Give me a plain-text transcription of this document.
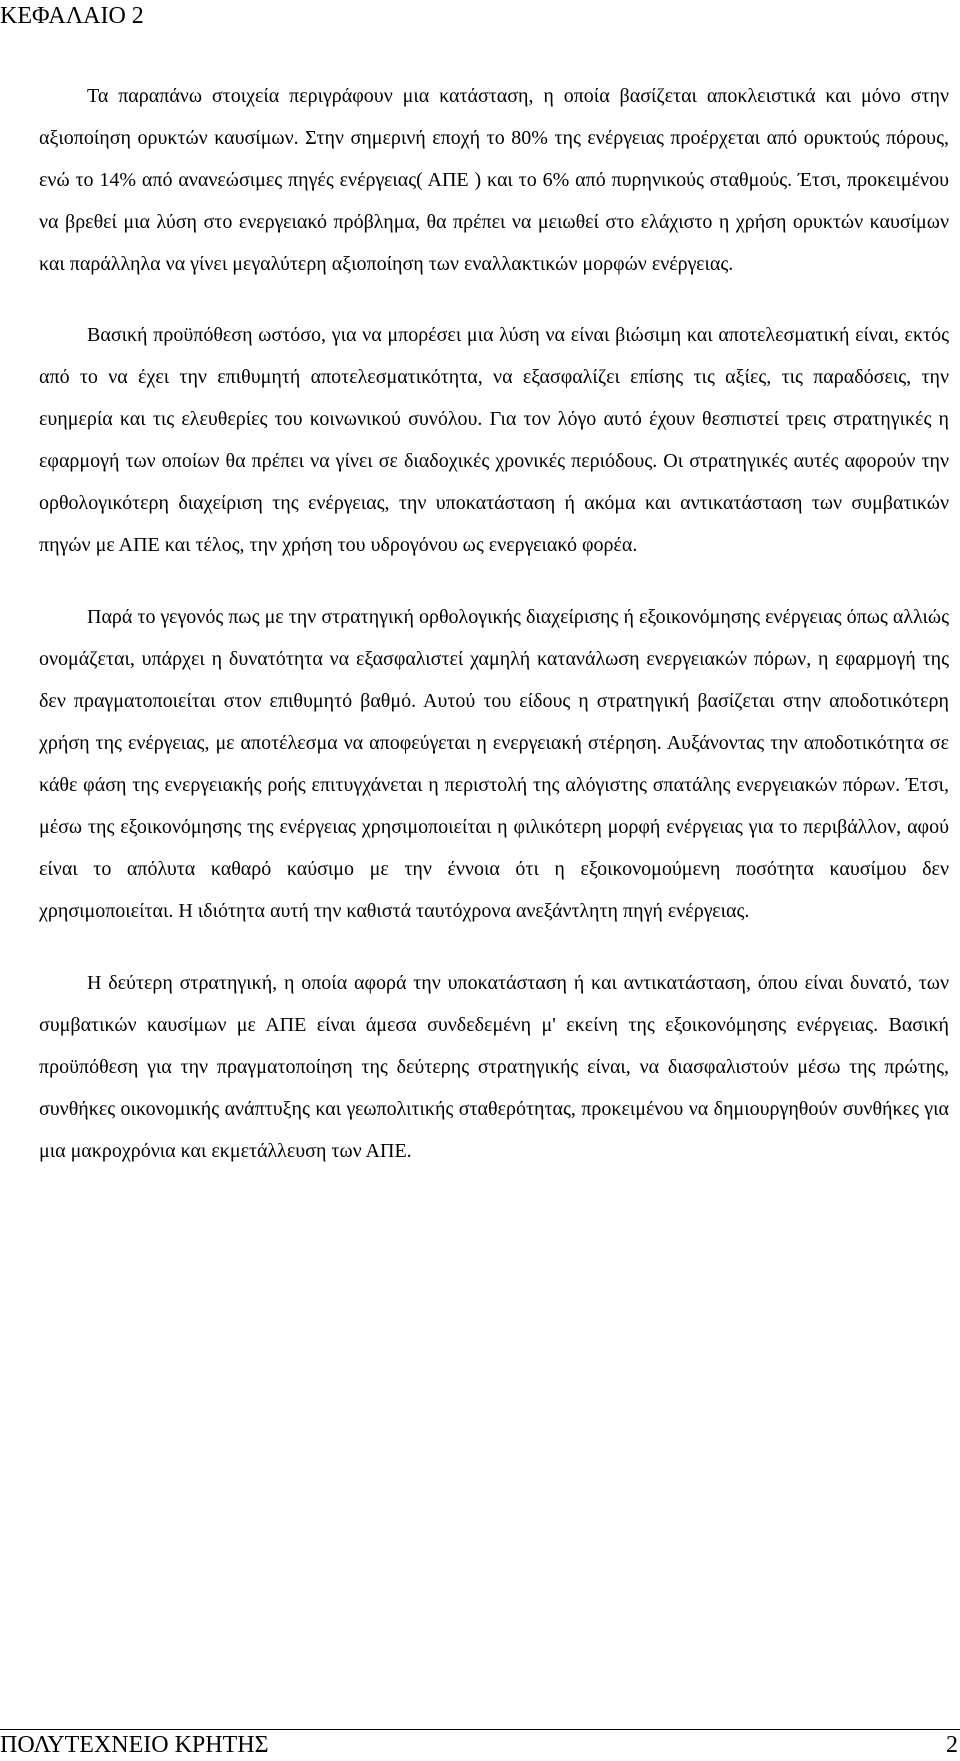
ΚΕΦΑΛΑΙΟ 2

Τα παραπάνω στοιχεία περιγράφουν μια κατάσταση, η οποία βασίζεται αποκλειστικά και μόνο στην αξιοποίηση ορυκτών καυσίμων. Στην σημερινή εποχή το 80% της ενέργειας προέρχεται από ορυκτούς πόρους, ενώ το 14% από ανανεώσιμες πηγές ενέργειας( ΑΠΕ ) και το 6% από πυρηνικούς σταθμούς. Έτσι, προκειμένου να βρεθεί μια λύση στο ενεργειακό πρόβλημα, θα πρέπει να μειωθεί στο ελάχιστο η χρήση ορυκτών καυσίμων και παράλληλα να γίνει μεγαλύτερη αξιοποίηση των εναλλακτικών μορφών ενέργειας.

Βασική προϋπόθεση ωστόσο, για να μπορέσει μια λύση να είναι βιώσιμη και αποτελεσματική είναι, εκτός από το να έχει την επιθυμητή αποτελεσματικότητα, να εξασφαλίζει επίσης τις αξίες, τις παραδόσεις, την ευημερία και τις ελευθερίες του κοινωνικού συνόλου. Για τον λόγο αυτό έχουν θεσπιστεί τρεις στρατηγικές η εφαρμογή των οποίων θα πρέπει να γίνει σε διαδοχικές χρονικές περιόδους. Οι στρατηγικές αυτές αφορούν την ορθολογικότερη διαχείριση της ενέργειας, την υποκατάσταση ή ακόμα και αντικατάσταση των συμβατικών πηγών με ΑΠΕ και τέλος, την χρήση του υδρογόνου ως ενεργειακό φορέα.

Παρά το γεγονός πως με την στρατηγική ορθολογικής διαχείρισης ή εξοικονόμησης ενέργειας όπως αλλιώς ονομάζεται, υπάρχει η δυνατότητα να εξασφαλιστεί χαμηλή κατανάλωση ενεργειακών πόρων, η εφαρμογή της δεν πραγματοποιείται στον επιθυμητό βαθμό. Αυτού του είδους η στρατηγική βασίζεται στην αποδοτικότερη χρήση της ενέργειας, με αποτέλεσμα να αποφεύγεται η ενεργειακή στέρηση. Αυξάνοντας την αποδοτικότητα σε κάθε φάση της ενεργειακής ροής επιτυγχάνεται η περιστολή της αλόγιστης σπατάλης ενεργειακών πόρων. Έτσι, μέσω της εξοικονόμησης της ενέργειας χρησιμοποιείται η φιλικότερη μορφή ενέργειας για το περιβάλλον, αφού είναι το απόλυτα καθαρό καύσιμο με την έννοια ότι η εξοικονομούμενη ποσότητα καυσίμου δεν χρησιμοποιείται. Η ιδιότητα αυτή την καθιστά ταυτόχρονα ανεξάντλητη πηγή ενέργειας.

Η δεύτερη στρατηγική, η οποία αφορά την υποκατάσταση ή και αντικατάσταση, όπου είναι δυνατό, των συμβατικών καυσίμων με ΑΠΕ είναι άμεσα συνδεδεμένη μ' εκείνη της εξοικονόμησης ενέργειας. Βασική προϋπόθεση για την πραγματοποίηση της δεύτερης στρατηγικής είναι, να διασφαλιστούν μέσω της πρώτης, συνθήκες οικονομικής ανάπτυξης και γεωπολιτικής σταθερότητας, προκειμένου να δημιουργηθούν συνθήκες για μια μακροχρόνια και εκμετάλλευση των ΑΠΕ.

ΠΟΛΥΤΕΧΝΕΙΟ ΚΡΗΤΗΣ	2
